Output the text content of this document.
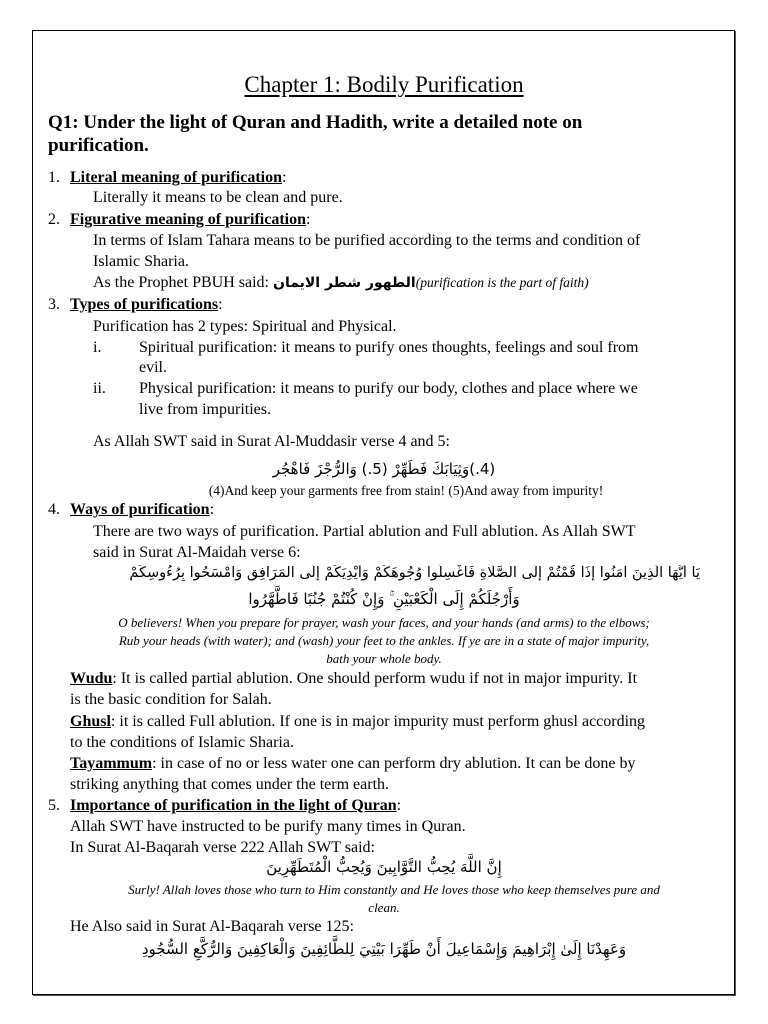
Chapter 1: Bodily Purification
Q1: Under the light of Quran and Hadith, write a detailed note on
purification.
1. Literal meaning of purification:
Literally it means to be clean and pure.
2. Figurative meaning of purification:
In terms of Islam Tahara means to be purified according to the terms and condition of
Islamic Sharia.
As the Prophet PBUH said: الطهور شطر الایمان(purification is the part of faith)
3. Types of purifications:
Purification has 2 types: Spiritual and Physical.
i. Spiritual purification: it means to purify ones thoughts, feelings and soul from
evil.
ii. Physical purification: it means to purify our body, clothes and place where we
live from impurities.
As Allah SWT said in Surat Al-Muddasir verse 4 and 5:
(4.)وَثِيَابَكَ فَطَهِّرْ (5.) وَالرُّجْزَ فَاهْجُر
(4)And keep your garments free from stain! (5)And away from impurity!
4. Ways of purification:
There are two ways of purification. Partial ablution and Full ablution. As Allah SWT
said in Surat Al-Maidah verse 6:
يَا أَيُّهَا الَّذِينَ آمَنُوا إِذَا قُمْتُمْ إِلَى الصَّلَاةِ فَاغْسِلُوا وُجُوهَكُمْ وَأَيْدِيَكُمْ إِلَى الْمَرَافِقِ وَامْسَحُوا بِرُءُوسِكُمْ
وَأَرْجُلَكُمْ إِلَى الْكَعْبَيْنِ ۚ وَإِنْ كُنْتُمْ جُنُبًا فَاطَّهَّرُوا
O believers! When you prepare for prayer, wash your faces, and your hands (and arms) to the elbows;
Rub your heads (with water); and (wash) your feet to the ankles. If ye are in a state of major impurity,
bath your whole body.
Wudu: It is called partial ablution. One should perform wudu if not in major impurity. It
is the basic condition for Salah.
Ghusl: it is called Full ablution. If one is in major impurity must perform ghusl according
to the conditions of Islamic Sharia.
Tayammum: in case of no or less water one can perform dry ablution. It can be done by
striking anything that comes under the term earth.
5. Importance of purification in the light of Quran:
Allah SWT have instructed to be purify many times in Quran.
In Surat Al-Baqarah verse 222 Allah SWT said:
إِنَّ اللَّهَ يُحِبُّ التَّوَّابِينَ وَيُحِبُّ الْمُتَطَهِّرِينَ
Surly! Allah loves those who turn to Him constantly and He loves those who keep themselves pure and
clean.
He Also said in Surat Al-Baqarah verse 125:
وَعَهِدْنَا إِلَىٰ إِبْرَاهِيمَ وَإِسْمَاعِيلَ أَنْ طَهِّرَا بَيْتِيَ لِلطَّائِفِينَ وَالْعَاكِفِينَ وَالرُّكَّعِ السُّجُودِ
